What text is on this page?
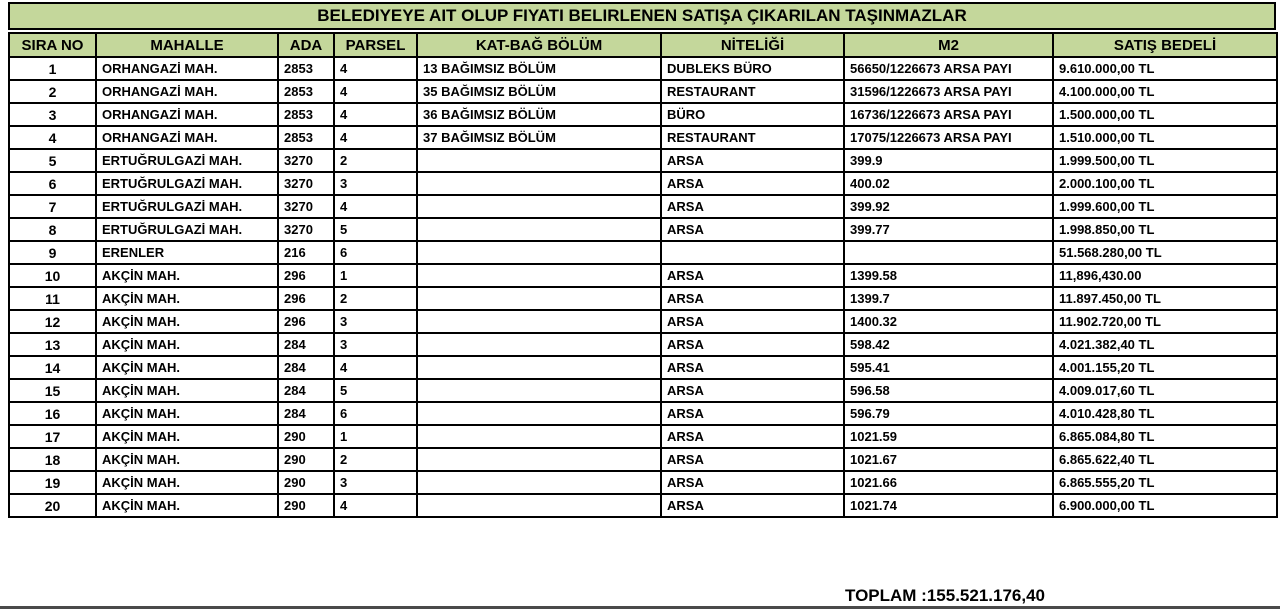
BELEDIYEYE AIT OLUP FIYATI BELIRLENEN SATIŞA ÇIKARILAN TAŞINMAZLAR
SIRA NO	MAHALLE	ADA	PARSEL	KAT-BAĞ BÖLÜM	NİTELİĞİ	M2	SATIŞ BEDELİ
1	ORHANGAZİ MAH.	2853	4	13 BAĞIMSIZ BÖLÜM	DUBLEKS BÜRO	56650/1226673 ARSA PAYI	9.610.000,00 TL
2	ORHANGAZİ MAH.	2853	4	35 BAĞIMSIZ BÖLÜM	RESTAURANT	31596/1226673 ARSA PAYI	4.100.000,00 TL
3	ORHANGAZİ MAH.	2853	4	36 BAĞIMSIZ BÖLÜM	BÜRO	16736/1226673 ARSA PAYI	1.500.000,00 TL
4	ORHANGAZİ MAH.	2853	4	37 BAĞIMSIZ BÖLÜM	RESTAURANT	17075/1226673 ARSA PAYI	1.510.000,00 TL
5	ERTUĞRULGAZİ MAH.	3270	2		ARSA	399.9	1.999.500,00 TL
6	ERTUĞRULGAZİ MAH.	3270	3		ARSA	400.02	2.000.100,00 TL
7	ERTUĞRULGAZİ MAH.	3270	4		ARSA	399.92	1.999.600,00 TL
8	ERTUĞRULGAZİ MAH.	3270	5		ARSA	399.77	1.998.850,00 TL
9	ERENLER	216	6				51.568.280,00 TL
10	AKÇİN MAH.	296	1		ARSA	1399.58	11,896,430.00
11	AKÇİN MAH.	296	2		ARSA	1399.7	11.897.450,00 TL
12	AKÇİN MAH.	296	3		ARSA	1400.32	11.902.720,00 TL
13	AKÇİN MAH.	284	3		ARSA	598.42	4.021.382,40 TL
14	AKÇİN MAH.	284	4		ARSA	595.41	4.001.155,20 TL
15	AKÇİN MAH.	284	5		ARSA	596.58	4.009.017,60 TL
16	AKÇİN MAH.	284	6		ARSA	596.79	4.010.428,80 TL
17	AKÇİN MAH.	290	1		ARSA	1021.59	6.865.084,80 TL
18	AKÇİN MAH.	290	2		ARSA	1021.67	6.865.622,40 TL
19	AKÇİN MAH.	290	3		ARSA	1021.66	6.865.555,20 TL
20	AKÇİN MAH.	290	4		ARSA	1021.74	6.900.000,00 TL
TOPLAM :155.521.176,40
